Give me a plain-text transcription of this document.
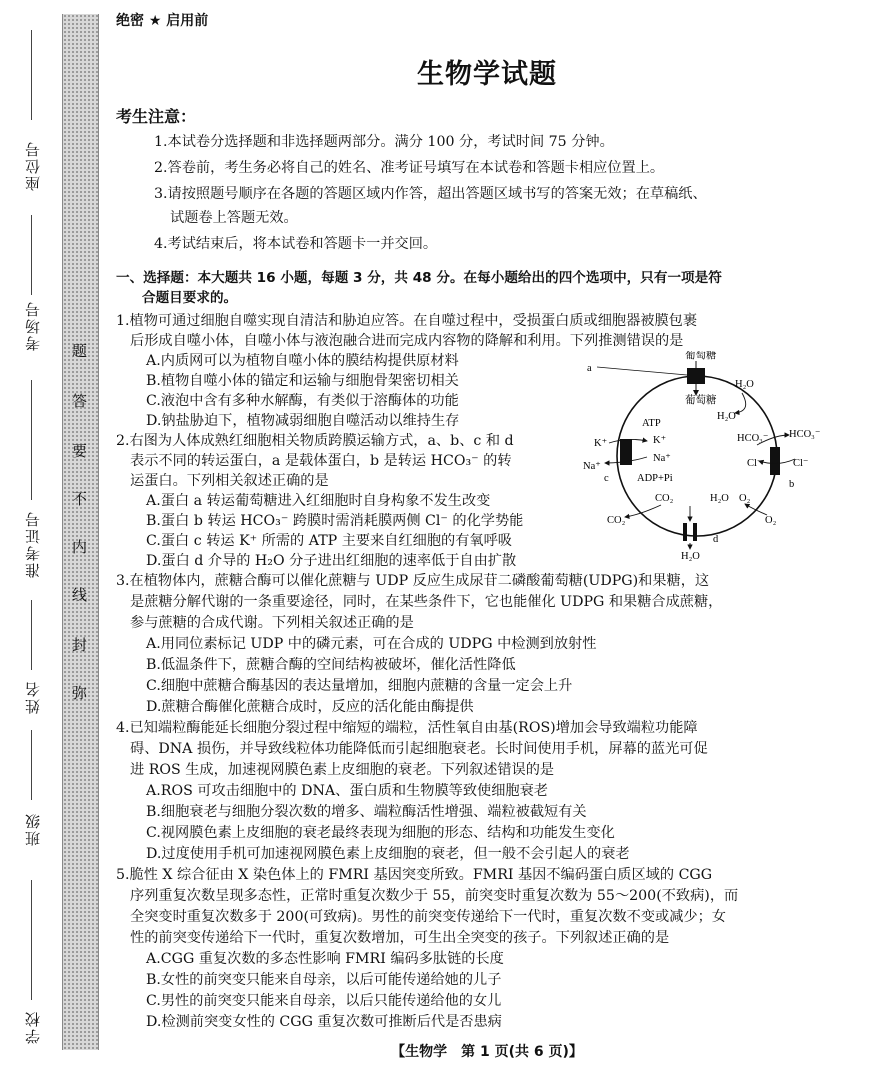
座位号
考场号
准考证号
姓名
班级
学校
题
答
要
不
内
线
封
弥
绝密 ★ 启用前
生物学试题
考生注意：
1.本试卷分选择题和非选择题两部分。满分 100 分，考试时间 75 分钟。
2.答卷前，考生务必将自己的姓名、准考证号填写在本试卷和答题卡相应位置上。
3.请按照题号顺序在各题的答题区域内作答，超出答题区域书写的答案无效；在草稿纸、
试题卷上答题无效。
4.考试结束后，将本试卷和答题卡一并交回。
一、选择题：本大题共 16 小题，每题 3 分，共 48 分。在每小题给出的四个选项中，只有一项是符
合题目要求的。
1.植物可通过细胞自噬实现自清洁和胁迫应答。在自噬过程中，受损蛋白质或细胞器被膜包裹
后形成自噬小体，自噬小体与液泡融合进而完成内容物的降解和利用。下列推测错误的是
A.内质网可以为植物自噬小体的膜结构提供原材料
B.植物自噬小体的锚定和运输与细胞骨架密切相关
C.液泡中含有多种水解酶，有类似于溶酶体的功能
D.钠盐胁迫下，植物减弱细胞自噬活动以维持生存
2.右图为人体成熟红细胞相关物质跨膜运输方式，a、b、c 和 d
表示不同的转运蛋白，a 是载体蛋白，b 是转运 HCO₃⁻ 的转
运蛋白。下列相关叙述正确的是
A.蛋白 a 转运葡萄糖进入红细胞时自身构象不发生改变
B.蛋白 b 转运 HCO₃⁻ 跨膜时需消耗膜两侧 Cl⁻ 的化学势能
C.蛋白 c 转运 K⁺ 所需的 ATP 主要来自红细胞的有氧呼吸
D.蛋白 d 介导的 H₂O 分子进出红细胞的速率低于自由扩散
a
葡萄糖
葡萄糖
H₂O
H₂O
ATP
K⁺
Na⁺
ADP+Pi
K⁺
Na⁺
c
HCO₃⁻ HCO₃⁻
Cl⁻	Cl⁻
b
CO₂	H₂O O₂
CO₂	O₂
d
H₂O
3.在植物体内，蔗糖合酶可以催化蔗糖与 UDP 反应生成尿苷二磷酸葡萄糖(UDPG)和果糖，这
是蔗糖分解代谢的一条重要途径，同时，在某些条件下，它也能催化 UDPG 和果糖合成蔗糖，
参与蔗糖的合成代谢。下列相关叙述正确的是
A.用同位素标记 UDP 中的磷元素，可在合成的 UDPG 中检测到放射性
B.低温条件下，蔗糖合酶的空间结构被破坏，催化活性降低
C.细胞中蔗糖合酶基因的表达量增加，细胞内蔗糖的含量一定会上升
D.蔗糖合酶催化蔗糖合成时，反应的活化能由酶提供
4.已知端粒酶能延长细胞分裂过程中缩短的端粒，活性氧自由基(ROS)增加会导致端粒功能障
碍、DNA 损伤，并导致线粒体功能降低而引起细胞衰老。长时间使用手机，屏幕的蓝光可促
进 ROS 生成，加速视网膜色素上皮细胞的衰老。下列叙述错误的是
A.ROS 可攻击细胞中的 DNA、蛋白质和生物膜等致使细胞衰老
B.细胞衰老与细胞分裂次数的增多、端粒酶活性增强、端粒被截短有关
C.视网膜色素上皮细胞的衰老最终表现为细胞的形态、结构和功能发生变化
D.过度使用手机可加速视网膜色素上皮细胞的衰老，但一般不会引起人的衰老
5.脆性 X 综合征由 X 染色体上的 FMRI 基因突变所致。FMRI 基因不编码蛋白质区域的 CGG
序列重复次数呈现多态性，正常时重复次数少于 55，前突变时重复次数为 55～200(不致病)，而
全突变时重复次数多于 200(可致病)。男性的前突变传递给下一代时，重复次数不变或减少；女
性的前突变传递给下一代时，重复次数增加，可生出全突变的孩子。下列叙述正确的是
A.CGG 重复次数的多态性影响 FMRI 编码多肽链的长度
B.女性的前突变只能来自母亲，以后可能传递给她的儿子
C.男性的前突变只能来自母亲，以后只能传递给他的女儿
D.检测前突变女性的 CGG 重复次数可推断后代是否患病
【生物学　第 1 页(共 6 页)】
